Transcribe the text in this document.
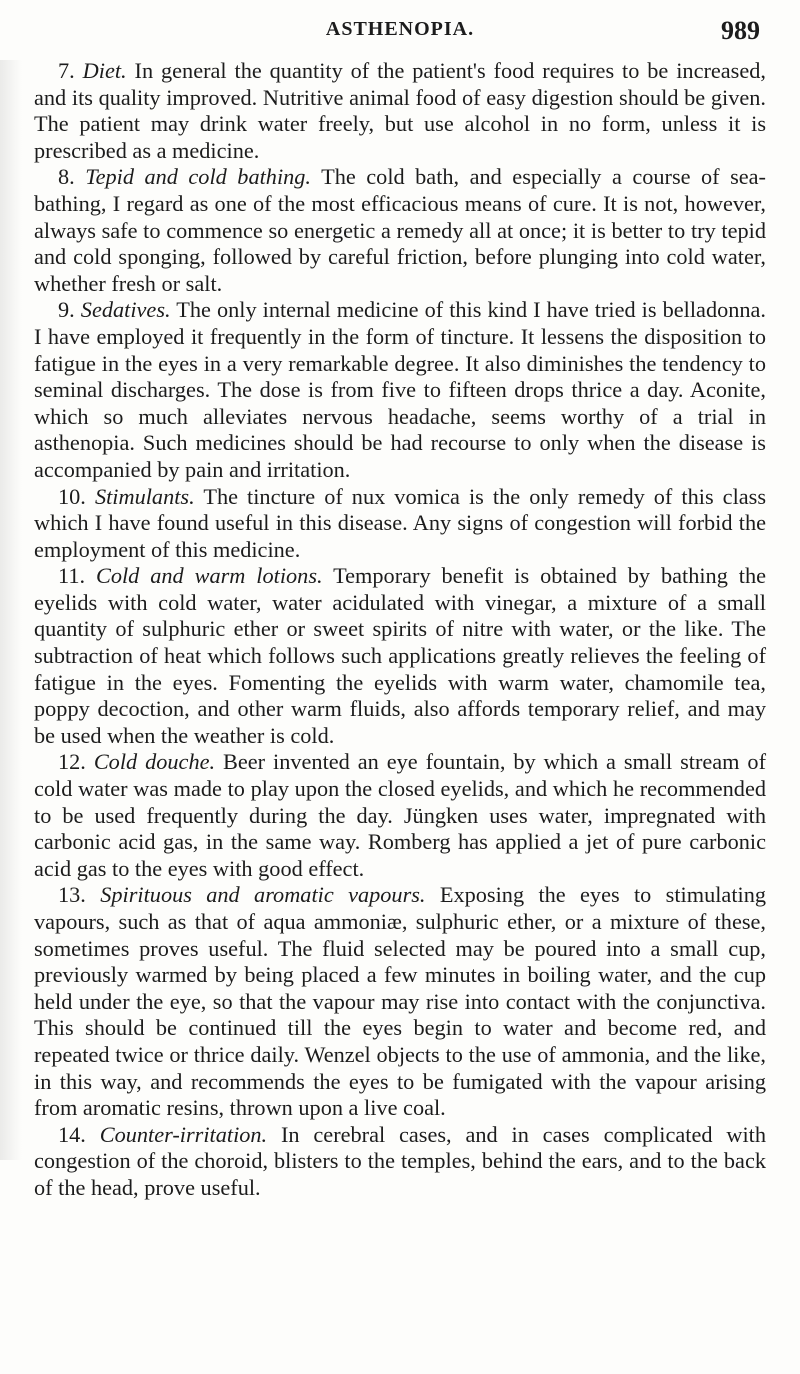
ASTHENOPIA.	989

7. Diet. In general the quantity of the patient's food requires to be increased, and its quality improved. Nutritive animal food of easy digestion should be given. The patient may drink water freely, but use alcohol in no form, unless it is prescribed as a medicine.

8. Tepid and cold bathing. The cold bath, and especially a course of sea-bathing, I regard as one of the most efficacious means of cure. It is not, however, always safe to commence so energetic a remedy all at once; it is better to try tepid and cold sponging, followed by careful friction, before plunging into cold water, whether fresh or salt.

9. Sedatives. The only internal medicine of this kind I have tried is belladonna. I have employed it frequently in the form of tincture. It lessens the disposition to fatigue in the eyes in a very remarkable degree. It also diminishes the tendency to seminal discharges. The dose is from five to fifteen drops thrice a day. Aconite, which so much alleviates nervous headache, seems worthy of a trial in asthenopia. Such medicines should be had recourse to only when the disease is accompanied by pain and irritation.

10. Stimulants. The tincture of nux vomica is the only remedy of this class which I have found useful in this disease. Any signs of congestion will forbid the employment of this medicine.

11. Cold and warm lotions. Temporary benefit is obtained by bathing the eyelids with cold water, water acidulated with vinegar, a mixture of a small quantity of sulphuric ether or sweet spirits of nitre with water, or the like. The subtraction of heat which follows such applications greatly relieves the feeling of fatigue in the eyes. Fomenting the eyelids with warm water, chamomile tea, poppy decoction, and other warm fluids, also affords temporary relief, and may be used when the weather is cold.

12. Cold douche. Beer invented an eye fountain, by which a small stream of cold water was made to play upon the closed eyelids, and which he recommended to be used frequently during the day. Jüngken uses water, impregnated with carbonic acid gas, in the same way. Romberg has applied a jet of pure carbonic acid gas to the eyes with good effect.

13. Spirituous and aromatic vapours. Exposing the eyes to stimulating vapours, such as that of aqua ammoniæ, sulphuric ether, or a mixture of these, sometimes proves useful. The fluid selected may be poured into a small cup, previously warmed by being placed a few minutes in boiling water, and the cup held under the eye, so that the vapour may rise into contact with the conjunctiva. This should be continued till the eyes begin to water and become red, and repeated twice or thrice daily. Wenzel objects to the use of ammonia, and the like, in this way, and recommends the eyes to be fumigated with the vapour arising from aromatic resins, thrown upon a live coal.

14. Counter-irritation. In cerebral cases, and in cases complicated with congestion of the choroid, blisters to the temples, behind the ears, and to the back of the head, prove useful.
